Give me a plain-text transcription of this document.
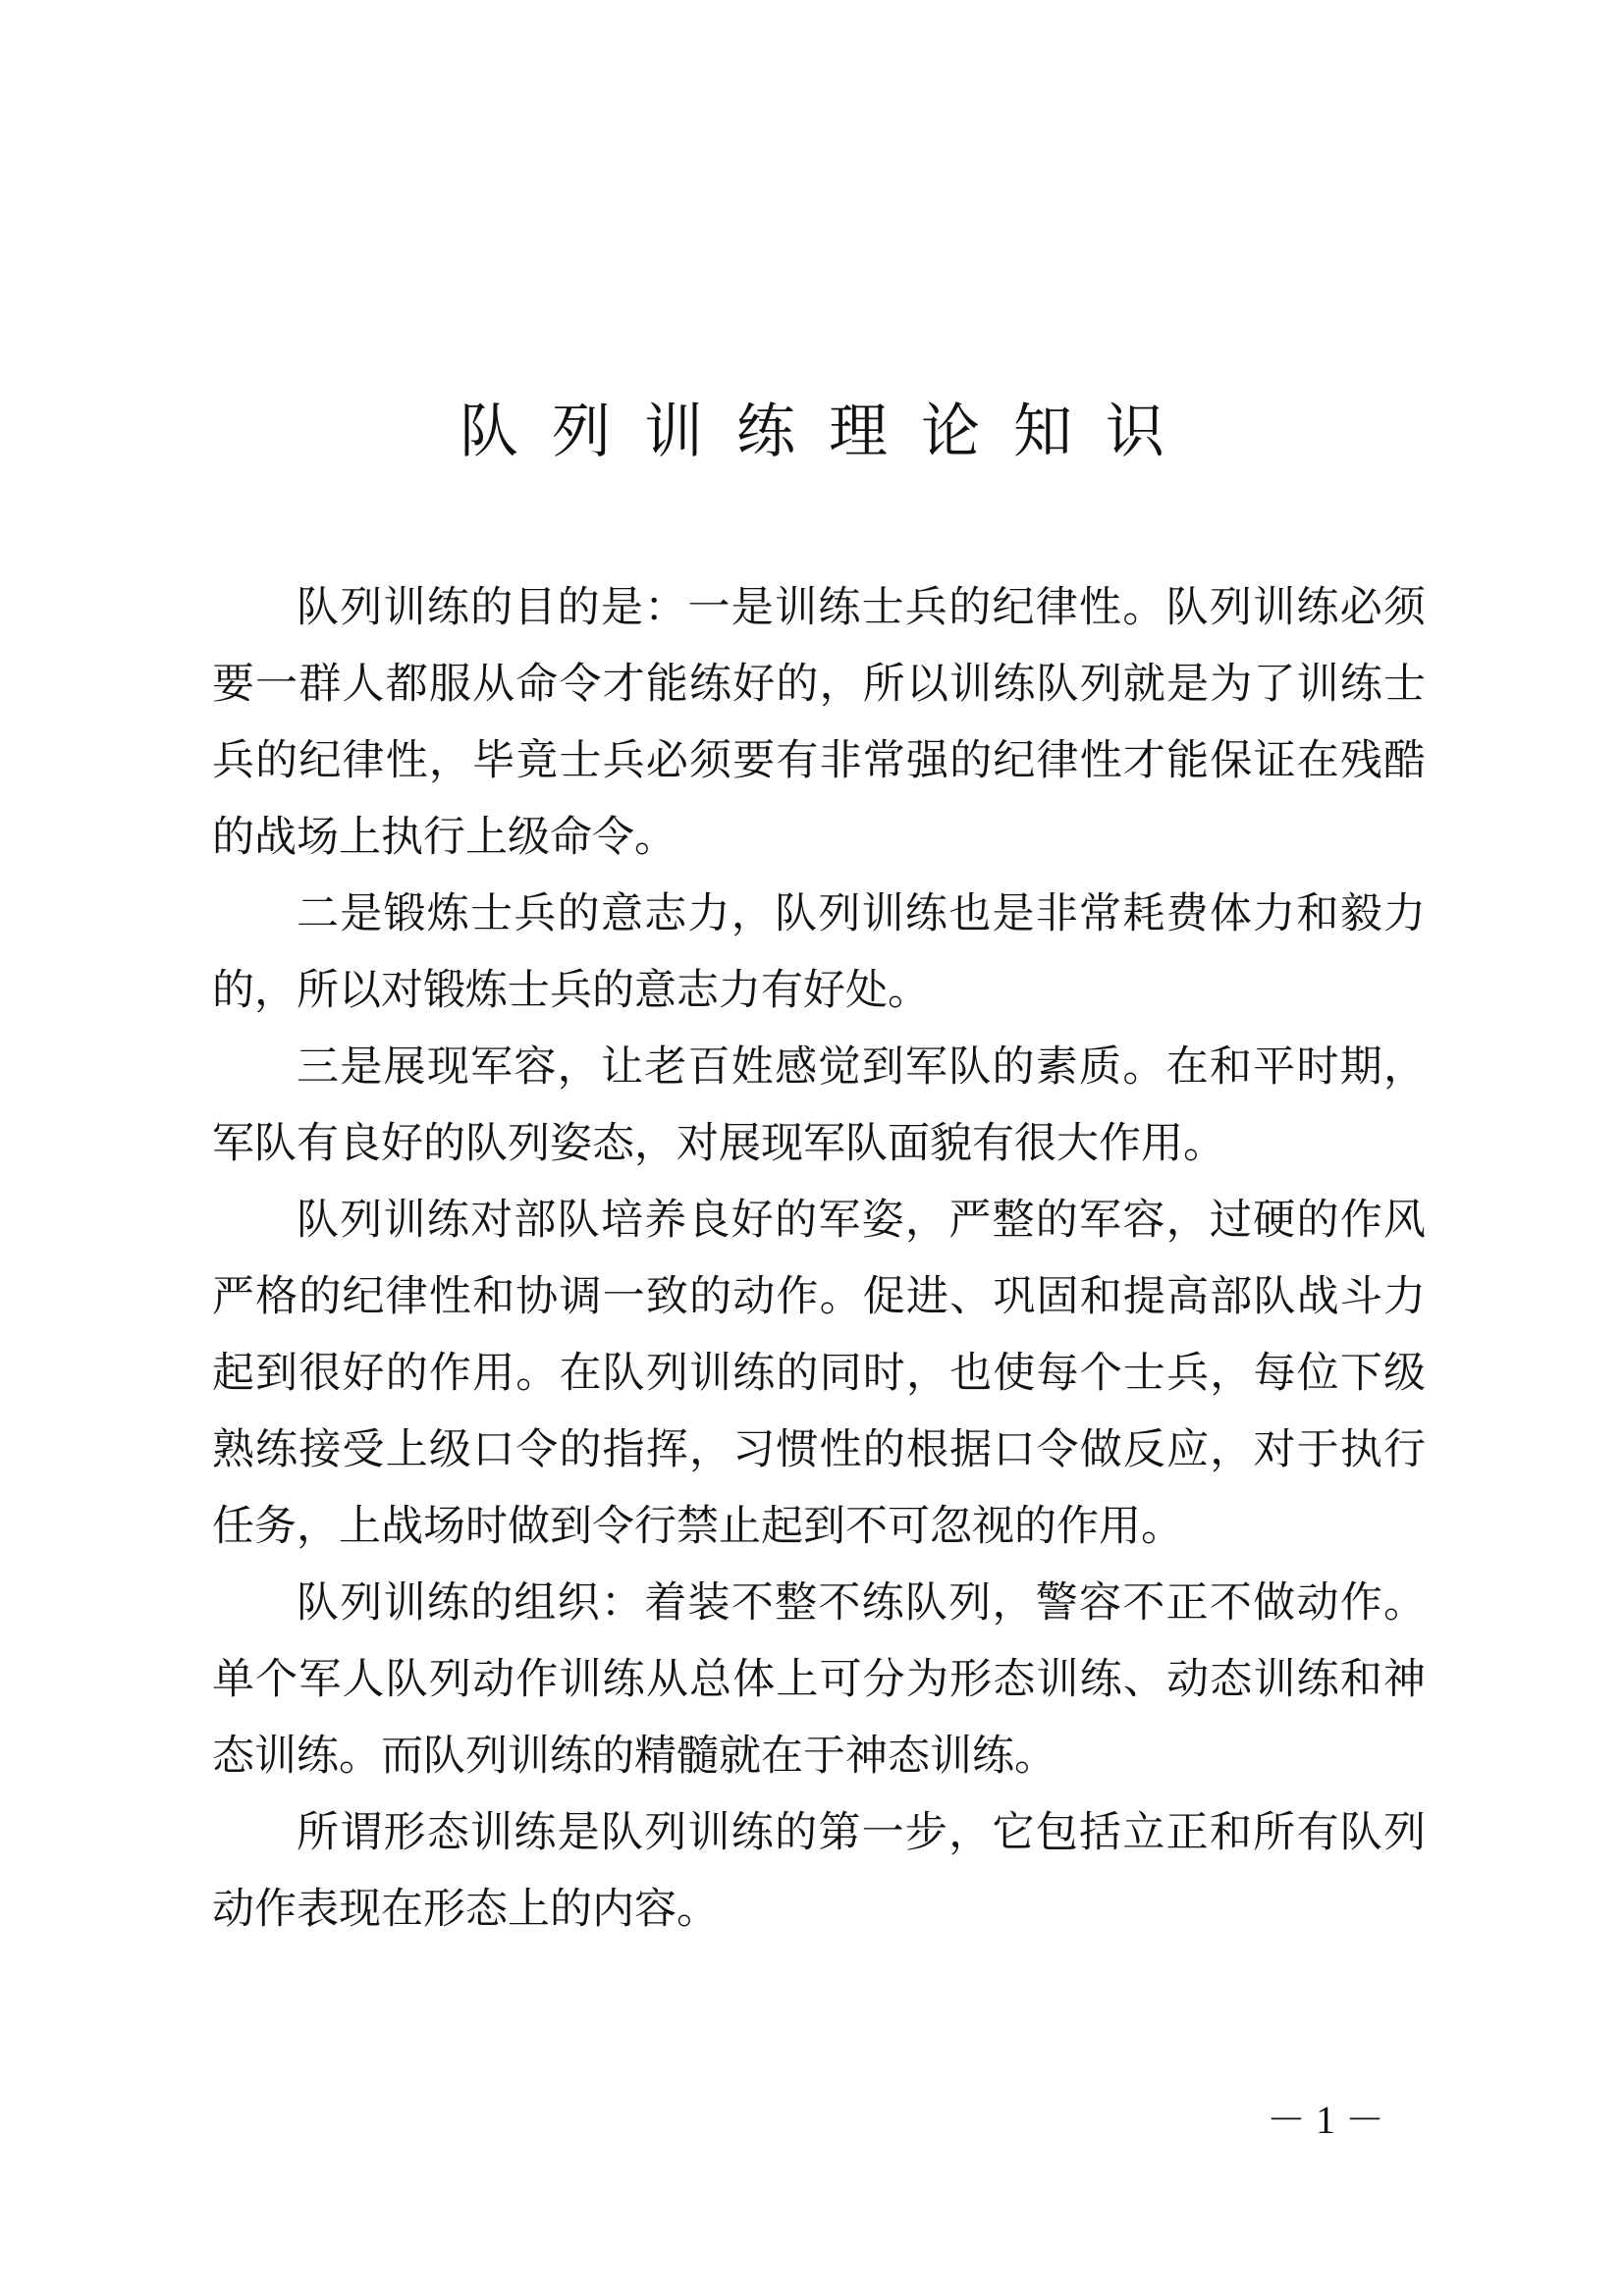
队列训练理论知识

队列训练的目的是：一是训练士兵的纪律性。队列训练必须要一群人都服从命令才能练好的，所以训练队列就是为了训练士兵的纪律性，毕竟士兵必须要有非常强的纪律性才能保证在残酷的战场上执行上级命令。

二是锻炼士兵的意志力，队列训练也是非常耗费体力和毅力的，所以对锻炼士兵的意志力有好处。

三是展现军容，让老百姓感觉到军队的素质。在和平时期，军队有良好的队列姿态，对展现军队面貌有很大作用。

队列训练对部队培养良好的军姿，严整的军容，过硬的作风严格的纪律性和协调一致的动作。促进、巩固和提高部队战斗力起到很好的作用。在队列训练的同时，也使每个士兵，每位下级熟练接受上级口令的指挥，习惯性的根据口令做反应，对于执行任务，上战场时做到令行禁止起到不可忽视的作用。

队列训练的组织：着装不整不练队列，警容不正不做动作。单个军人队列动作训练从总体上可分为形态训练、动态训练和神态训练。而队列训练的精髓就在于神态训练。

所谓形态训练是队列训练的第一步，它包括立正和所有队列动作表现在形态上的内容。

－ 1 －
